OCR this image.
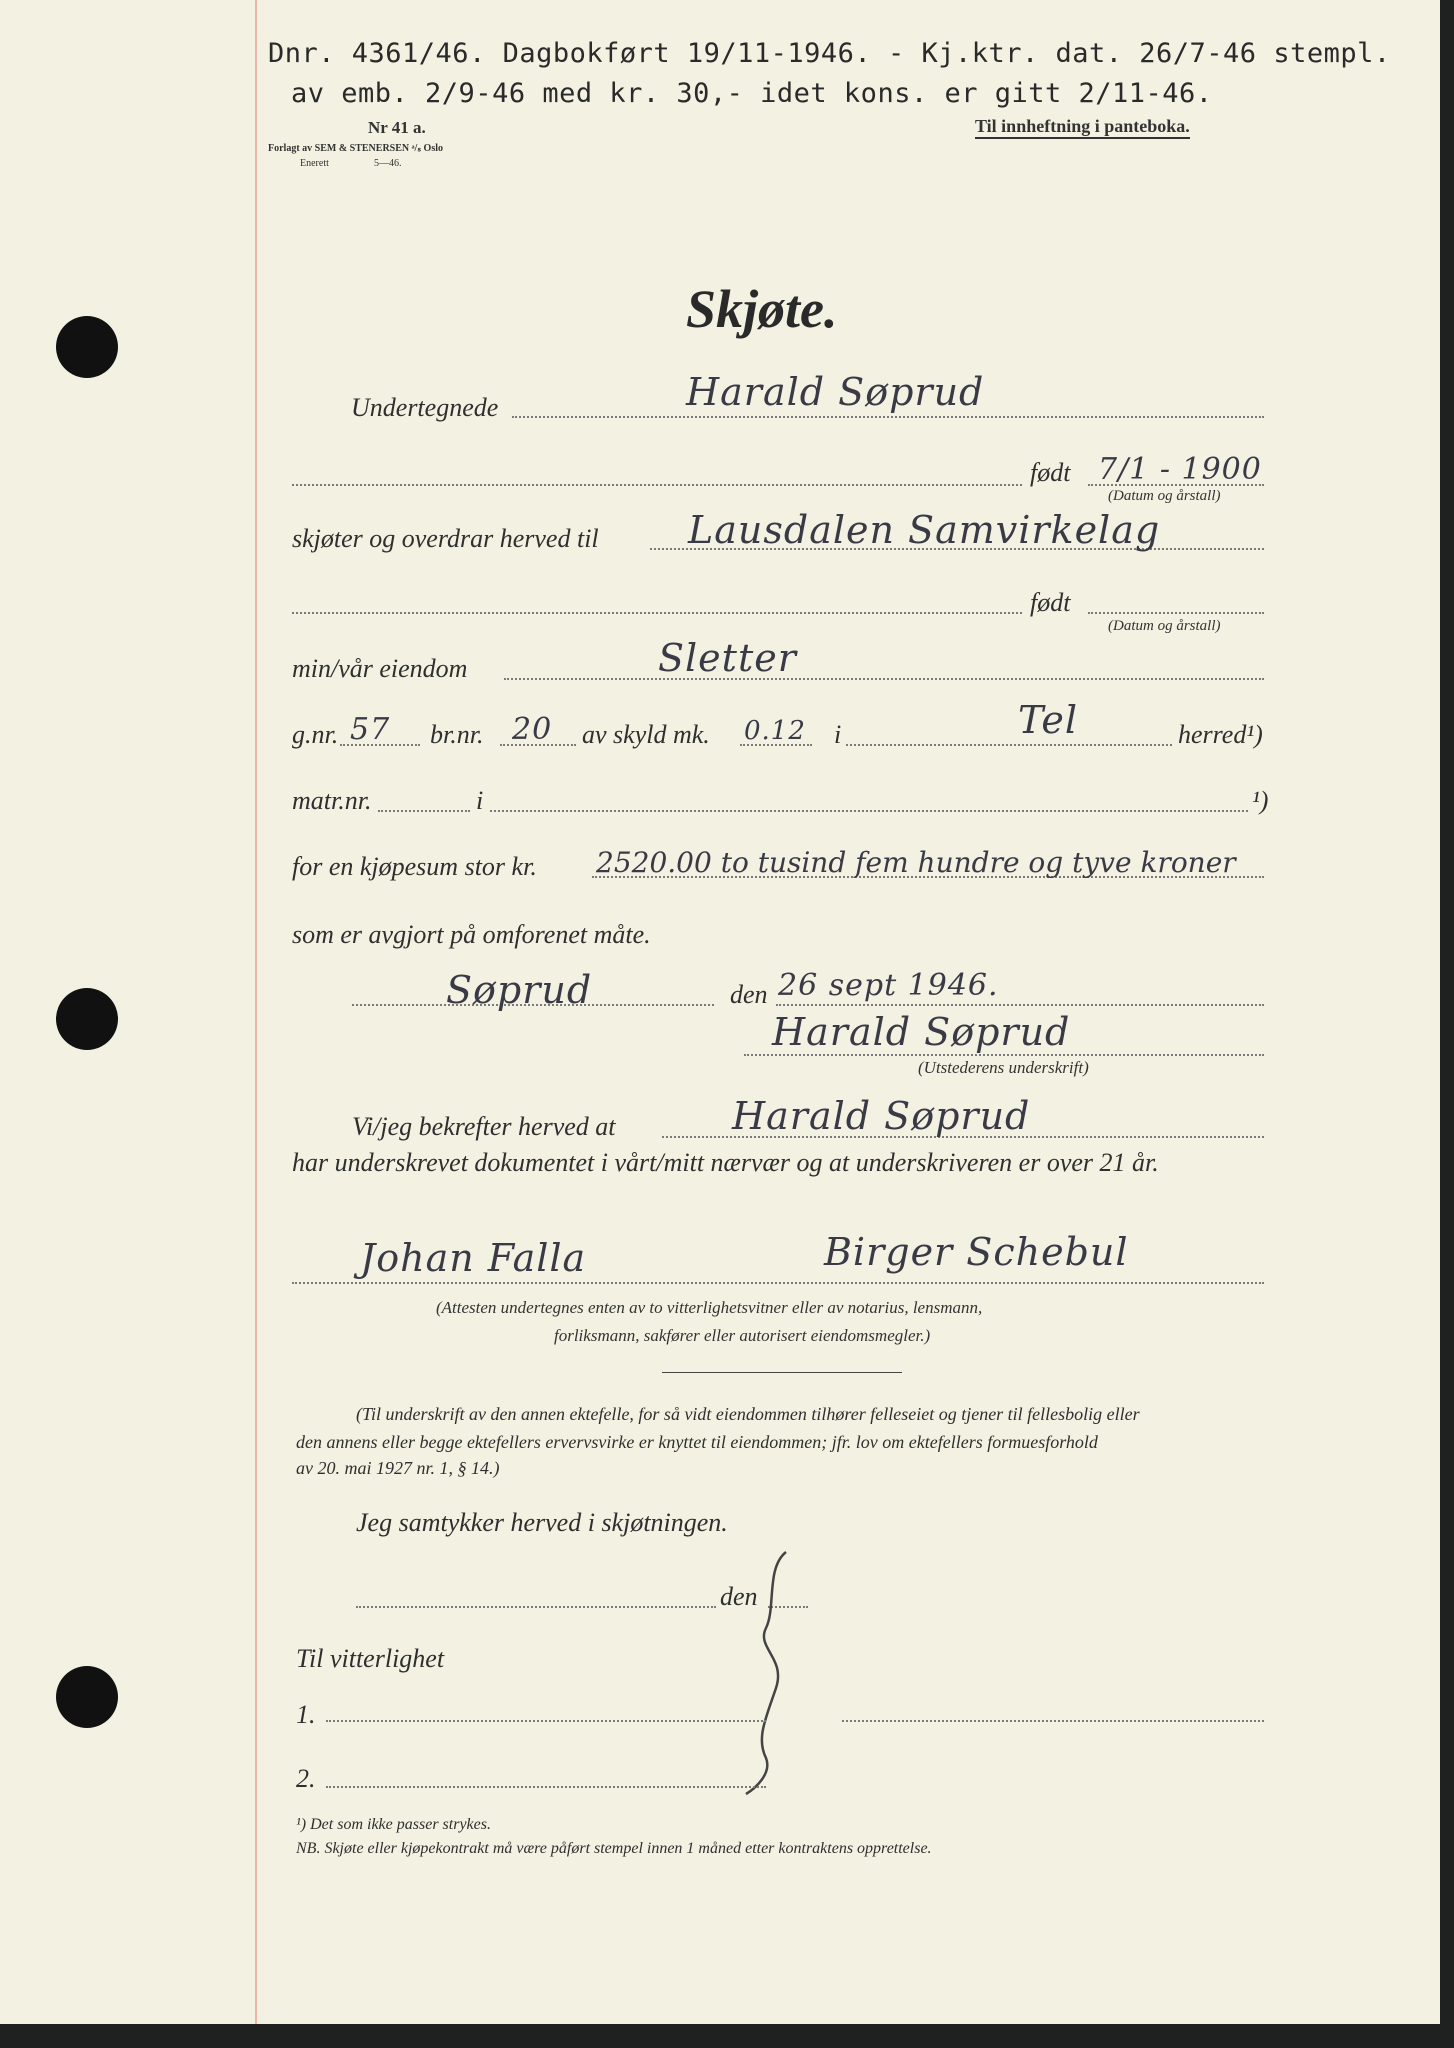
Dnr. 4361/46. Dagbokført 19/11-1946. - Kj.ktr. dat. 26/7-46 stempl.
av emb. 2/9-46 med kr. 30,- idet kons. er gitt 2/11-46.
Nr 41 a.
Forlagt av SEM & STENERSEN ᵃ/ₛ Oslo
Enerett	5—46.
Til innheftning i panteboka.
Skjøte.
Undertegnede	Harald Søprud
født 7/1 - 1900
(Datum og årstall)
skjøter og overdrar herved til Lausdalen Samvirkelag
født
(Datum og årstall)
min/vår eiendom	Sletter
g.nr. 57 br.nr. 20 av skyld mk. 0.12 i	Tel	herred¹)
matr.nr.	i	¹)
for en kjøpesum stor kr. 2520.00 to tusind fem hundre og tyve kroner
som er avgjort på omforenet måte.
Søprud	den 26 sept 1946.
Harald Søprud
(Utstederens underskrift)
Vi/jeg bekrefter herved at	Harald Søprud
har underskrevet dokumentet i vårt/mitt nærvær og at underskriveren er over 21 år.
Johan Falla	Birger Schebul
(Attesten undertegnes enten av to vitterlighetsvitner eller av notarius, lensmann,
forliksmann, sakfører eller autorisert eiendomsmegler.)
(Til underskrift av den annen ektefelle, for så vidt eiendommen tilhører felleseiet og tjener til fellesbolig eller
den annens eller begge ektefellers ervervsvirke er knyttet til eiendommen; jfr. lov om ektefellers formuesforhold
av 20. mai 1927 nr. 1, § 14.)
Jeg samtykker herved i skjøtningen.
den
Til vitterlighet
1.
2.
¹) Det som ikke passer strykes.
NB. Skjøte eller kjøpekontrakt må være påført stempel innen 1 måned etter kontraktens opprettelse.
